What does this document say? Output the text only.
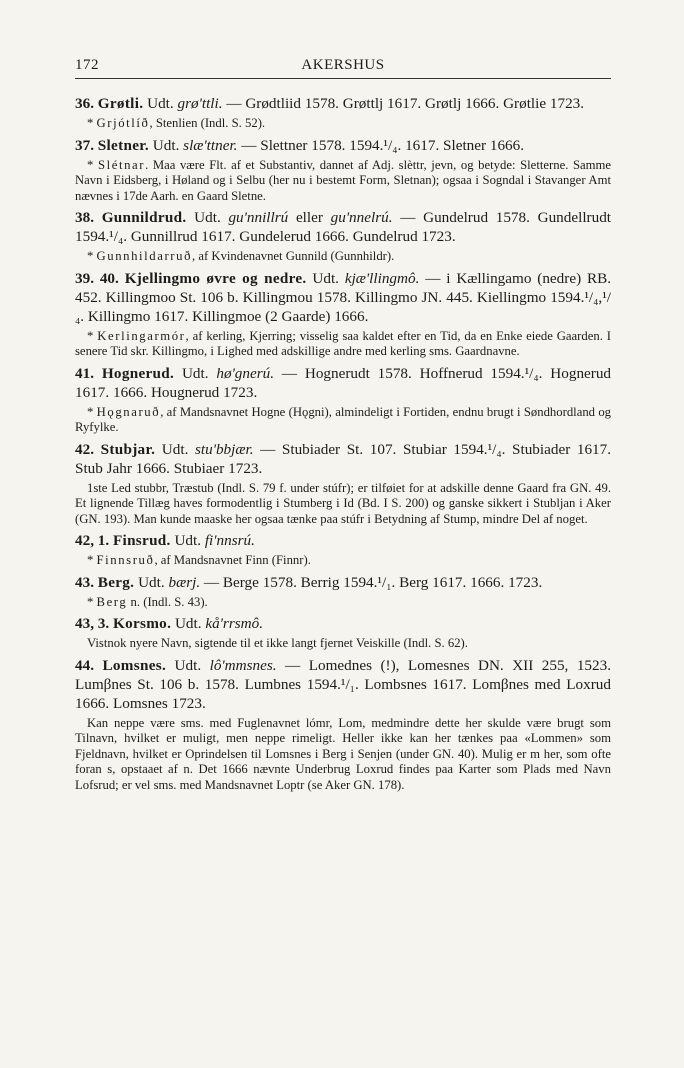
172	AKERSHUS

36. Grøtli. Udt. grø'ttli. — Grødtliid 1578. Grøttlj 1617. Grøtlj 1666. Grøtlie 1723.

* Grjótlíð, Stenlien (Indl. S. 52).

37. Sletner. Udt. slæ'ttner. — Slettner 1578. 1594.¹/₄. 1617. Sletner 1666.

* Slétnar. Maa være Flt. af et Substantiv, dannet af Adj. slèttr, jevn, og betyde: Sletterne. Samme Navn i Eidsberg, i Høland og i Selbu (her nu i bestemt Form, Sletnan); ogsaa i Sogndal i Stavanger Amt nævnes i 17de Aarh. en Gaard Sletne.

38. Gunnildrud. Udt. gu'nnillrú eller gu'nnelrú. — Gundelrud 1578. Gundellrudt 1594.¹/₄. Gunnillrud 1617. Gundelerud 1666. Gundelrud 1723.

* Gunnhildarruð, af Kvindenavnet Gunnild (Gunnhildr).

39. 40. Kjellingmo øvre og nedre. Udt. kjæ'llingmô. — i Kællingamo (nedre) RB. 452. Killingmoo St. 106 b. Killingmou 1578. Killingmo JN. 445. Kiellingmo 1594.¹/₄,¹/₄. Killingmo 1617. Killingmoe (2 Gaarde) 1666.

* Kerlingarmór, af kerling, Kjerring; visselig saa kaldet efter en Tid, da en Enke eiede Gaarden. I senere Tid skr. Killingmo, i Lighed med adskillige andre med kerling sms. Gaardnavne.

41. Hognerud. Udt. hø'gnerú. — Hognerudt 1578. Hoffnerud 1594.¹/₄. Hognerud 1617. 1666. Hougnerud 1723.

* Hǫgnaruð, af Mandsnavnet Hogne (Hǫgni), almindeligt i Fortiden, endnu brugt i Søndhordland og Ryfylke.

42. Stubjar. Udt. stu'bbjær. — Stubiader St. 107. Stubiar 1594.¹/₄. Stubiader 1617. Stub Jahr 1666. Stubiaer 1723.

1ste Led stubbr, Træstub (Indl. S. 79 f. under stúfr); er tilføiet for at adskille denne Gaard fra GN. 49. Et lignende Tillæg haves formodentlig i Stumberg i Id (Bd. I S. 200) og ganske sikkert i Stubljan i Aker (GN. 193). Man kunde maaske her ogsaa tænke paa stúfr i Betydning af Stump, mindre Del af noget.

42, 1. Finsrud. Udt. fi'nnsrú.

* Finnsruð, af Mandsnavnet Finn (Finnr).

43. Berg. Udt. bærj. — Berge 1578. Berrig 1594.¹/₁. Berg 1617. 1666. 1723.

* Berg n. (Indl. S. 43).

43, 3. Korsmo. Udt. kå'rrsmô.

Vistnok nyere Navn, sigtende til et ikke langt fjernet Veiskille (Indl. S. 62).

44. Lomsnes. Udt. lô'mmsnes. — Lomednes (!), Lomesnes DN. XII 255, 1523. Lumβnes St. 106 b. 1578. Lumbnes 1594.¹/₁. Lombsnes 1617. Lomβnes med Loxrud 1666. Lomsnes 1723.

Kan neppe være sms. med Fuglenavnet lómr, Lom, medmindre dette her skulde være brugt som Tilnavn, hvilket er muligt, men neppe rimeligt. Heller ikke kan her tænkes paa «Lommen» som Fjeldnavn, hvilket er Oprindelsen til Lomsnes i Berg i Senjen (under GN. 40). Mulig er m her, som ofte foran s, opstaaet af n. Det 1666 nævnte Underbrug Loxrud findes paa Karter som Plads med Navn Lofsrud; er vel sms. med Mandsnavnet Loptr (se Aker GN. 178).
